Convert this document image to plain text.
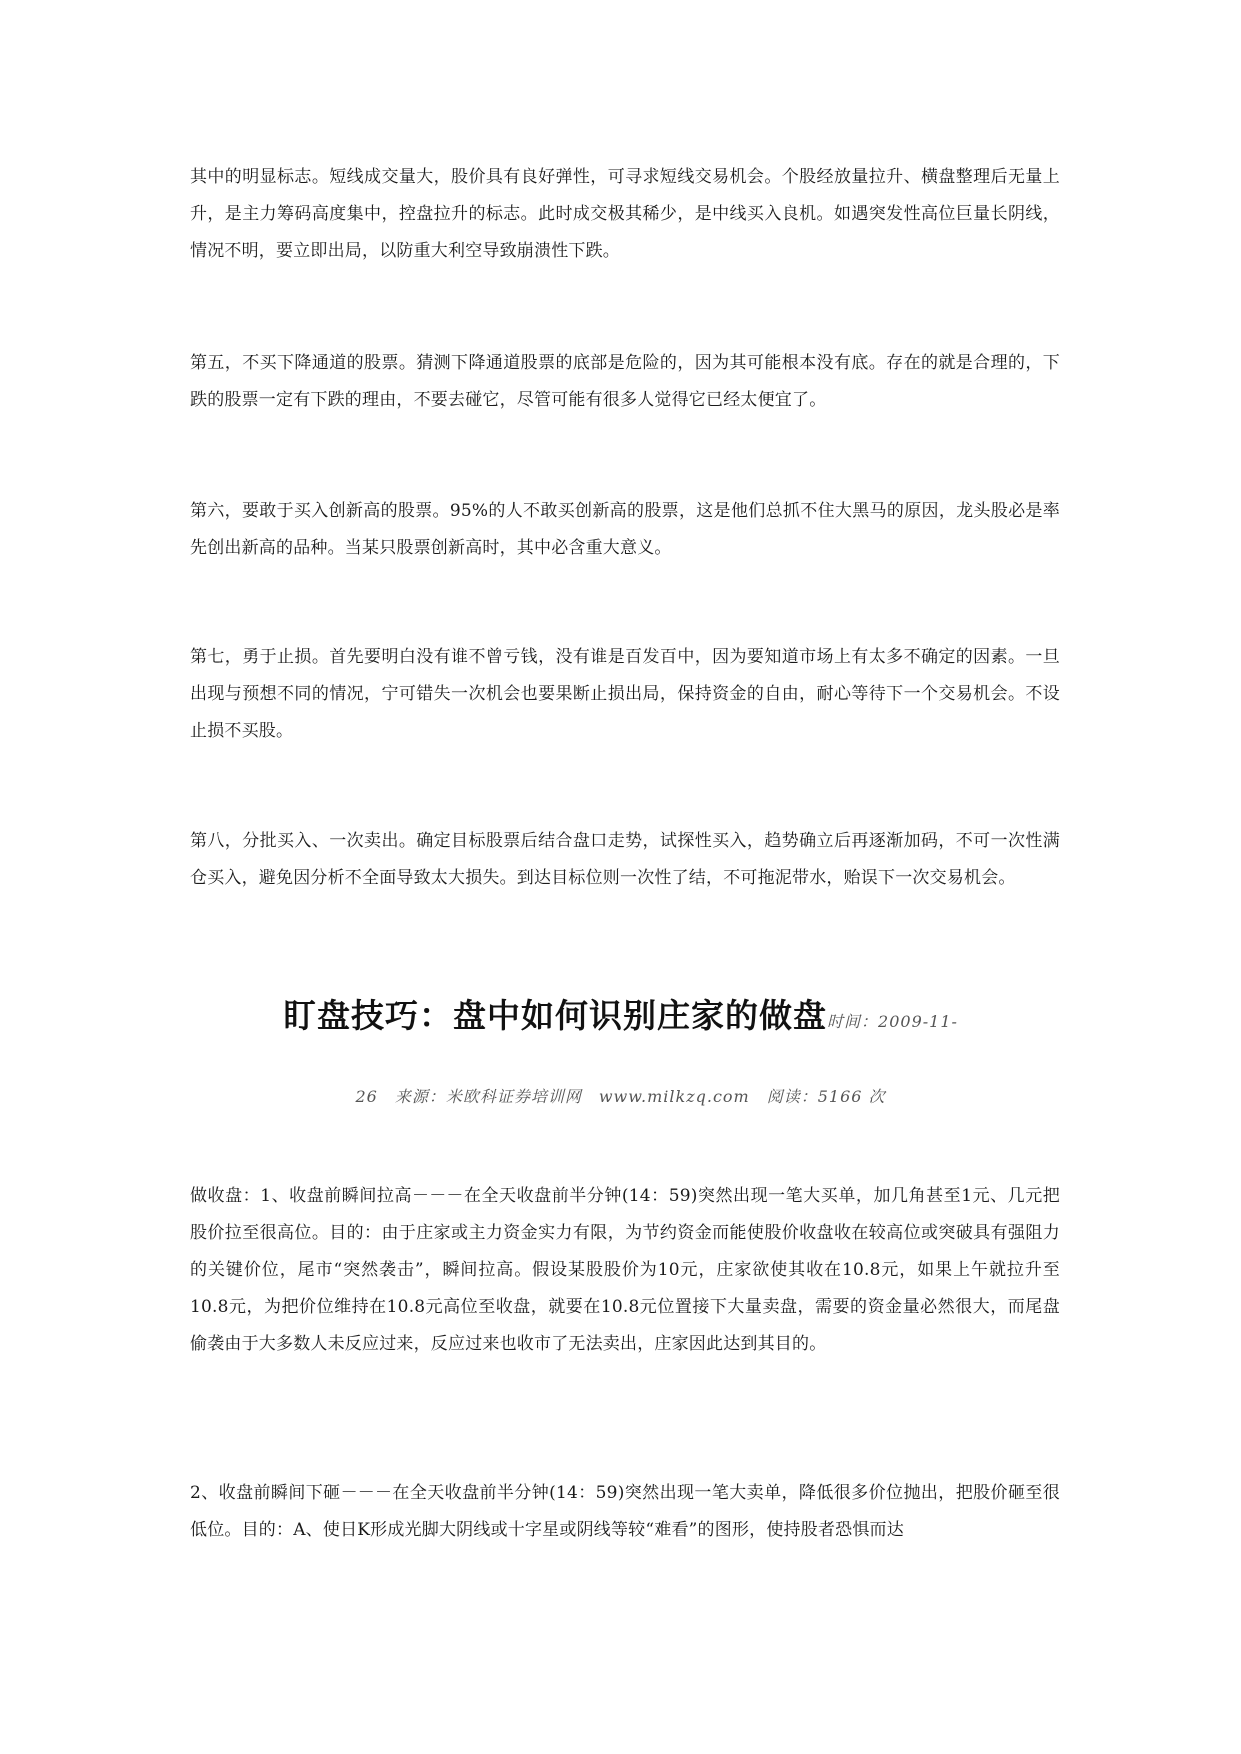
其中的明显标志。短线成交量大，股价具有良好弹性，可寻求短线交易机会。个股经放量拉升、横盘整理后无量上升，是主力筹码高度集中，控盘拉升的标志。此时成交极其稀少，是中线买入良机。如遇突发性高位巨量长阴线，情况不明，要立即出局，以防重大利空导致崩溃性下跌。

第五，不买下降通道的股票。猜测下降通道股票的底部是危险的，因为其可能根本没有底。存在的就是合理的，下跌的股票一定有下跌的理由，不要去碰它，尽管可能有很多人觉得它已经太便宜了。

第六，要敢于买入创新高的股票。95%的人不敢买创新高的股票，这是他们总抓不住大黑马的原因，龙头股必是率先创出新高的品种。当某只股票创新高时，其中必含重大意义。

第七，勇于止损。首先要明白没有谁不曾亏钱，没有谁是百发百中，因为要知道市场上有太多不确定的因素。一旦出现与预想不同的情况，宁可错失一次机会也要果断止损出局，保持资金的自由，耐心等待下一个交易机会。不设止损不买股。

第八，分批买入、一次卖出。确定目标股票后结合盘口走势，试探性买入，趋势确立后再逐渐加码，不可一次性满仓买入，避免因分析不全面导致太大损失。到达目标位则一次性了结，不可拖泥带水，贻误下一次交易机会。

盯盘技巧：盘中如何识别庄家的做盘时间：2009-11-
26　来源：米欧科证券培训网　www.milkzq.com　阅读：5166 次

做收盘：1、收盘前瞬间拉高－－－在全天收盘前半分钟(14：59)突然出现一笔大买单，加几角甚至1元、几元把股价拉至很高位。目的：由于庄家或主力资金实力有限，为节约资金而能使股价收盘收在较高位或突破具有强阻力的关键价位，尾市“突然袭击”，瞬间拉高。假设某股股价为10元，庄家欲使其收在10.8元，如果上午就拉升至10.8元，为把价位维持在10.8元高位至收盘，就要在10.8元位置接下大量卖盘，需要的资金量必然很大，而尾盘偷袭由于大多数人未反应过来，反应过来也收市了无法卖出，庄家因此达到其目的。

2、收盘前瞬间下砸－－－在全天收盘前半分钟(14：59)突然出现一笔大卖单，降低很多价位抛出，把股价砸至很低位。目的：A、使日K形成光脚大阴线或十字星或阴线等较“难看”的图形，使持股者恐惧而达
